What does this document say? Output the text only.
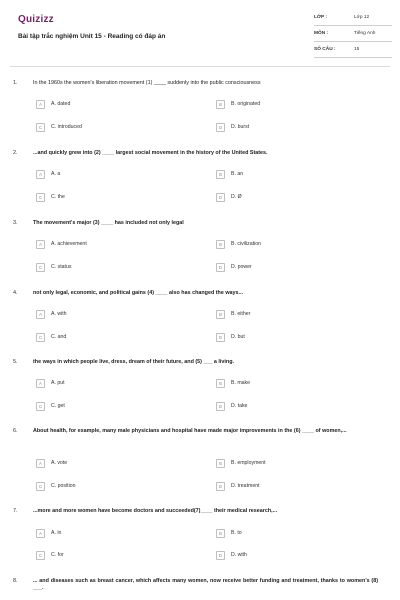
Quizizz
Bài tập trắc nghiệm Unit 15 - Reading có đáp án
LỚP :	Lớp 12
MÔN :	Tiếng Anh
SỐ CÂU :	15
1.	In the 1960s the women's liberation movement (1) ____ suddenly into the public consciousness
A	A. dated	B	B. originated
C	C. introduced	D	D. burst
2.	...and quickly grew into (2) ____ largest social movement in the history of the United States.
A	A. a	B	B. an
C	C. the	D	D. Ø
3.	The movement's major (3) ____ has included not only legal
A	A. achievement	B	B. civilization
C	C. status	D	D. power
4.	not only legal, economic, and political gains (4) ____ also has changed the ways...
A	A. with	B	B. either
C	C. and	D	D. but
5.	the ways in which people live, dress, dream of their future, and (5) ___ a living.
A	A. put	B	B. make
C	C. get	D	D. take
6.	About health, for example, many male physicians and hospital have made major improvements in the (6) ____ of women,...
A	A. vote	B	B. employment
C	C. position	D	D. treatment
7.	...more and more women have become doctors and succeeded(7)____ their medical research,...
A	A. in	B	B. to
C	C. for	D	D. with
8.	... and diseases such as breast cancer, which affects many women, now receive better funding and treatment, thanks to women's (8) ___.
